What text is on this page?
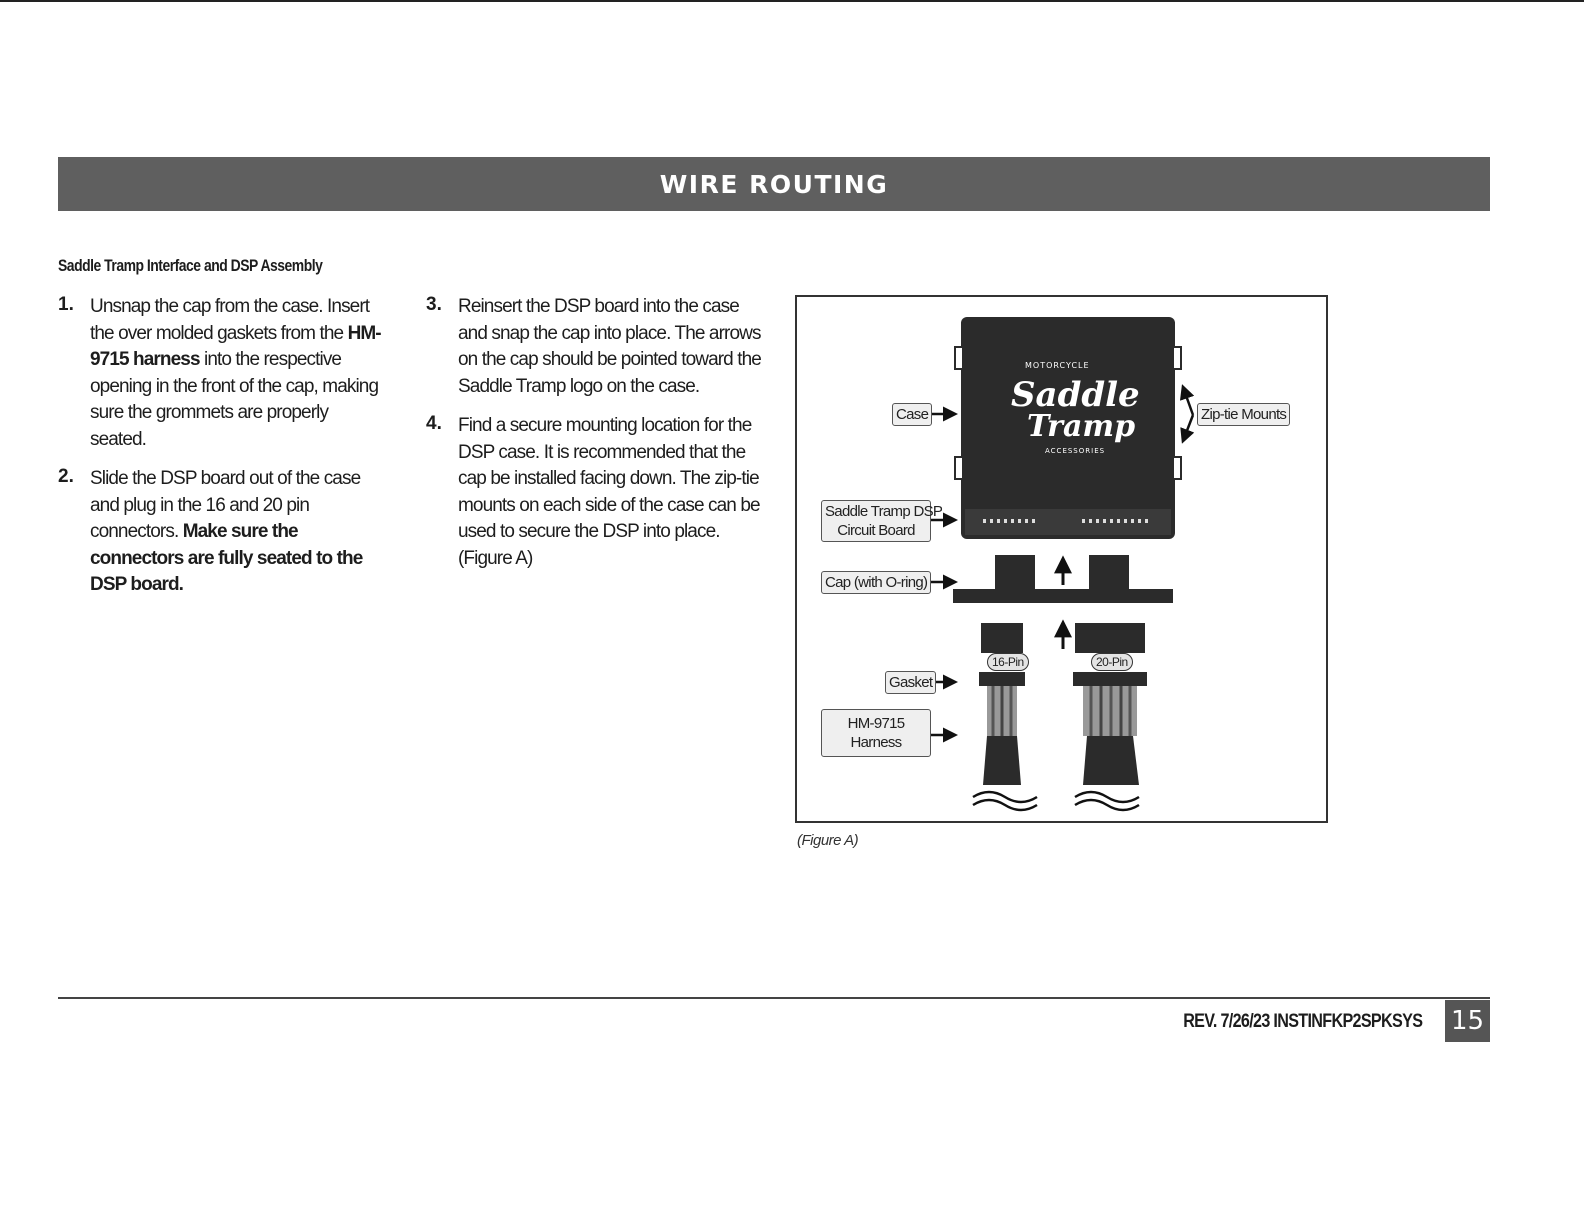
WIRE ROUTING
Saddle Tramp Interface and DSP Assembly
1. Unsnap the cap from the case. Insert the over molded gaskets from the HM-9715 harness into the respective opening in the front of the cap, making sure the grommets are properly seated.
2. Slide the DSP board out of the case and plug in the 16 and 20 pin connectors. Make sure the connectors are fully seated to the DSP board.
3. Reinsert the DSP board into the case and snap the cap into place. The arrows on the cap should be pointed toward the Saddle Tramp logo on the case.
4. Find a secure mounting location for the DSP case. It is recommended that the cap be installed facing down. The zip-tie mounts on each side of the case can be used to secure the DSP into place. (Figure A)
MOTORCYCLE
Saddle
Tramp
ACCESSORIES
Case	Zip-tie Mounts
Saddle Tramp DSP
Circuit Board
Cap (with O-ring)
Gasket
HM-9715
Harness
16-Pin	20-Pin
(Figure A)
REV. 7/26/23 INSTINFKP2SPKSYS 15
